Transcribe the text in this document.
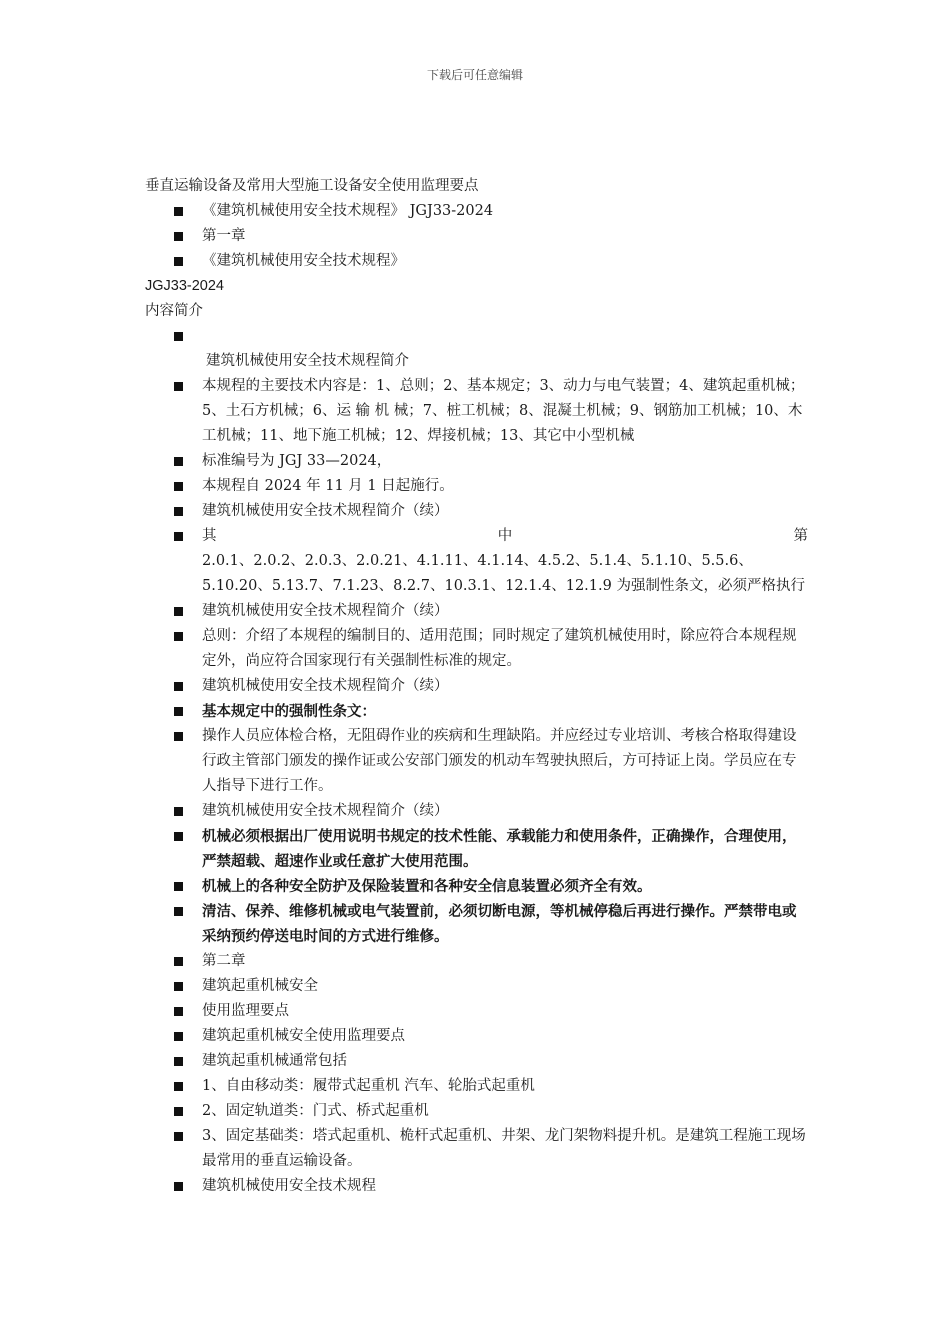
下载后可任意编辑

垂直运输设备及常用大型施工设备安全使用监理要点

《建筑机械使用安全技术规程》 JGJ33-2024
第一章
《建筑机械使用安全技术规程》

JGJ33-2024

内容简介

建筑机械使用安全技术规程简介
本规程的主要技术内容是：1、总则；2、基本规定；3、动力与电气装置；4、建筑起重机械；5、土石方机械；6、运 输 机 械；7、桩工机械；8、混凝土机械；9、钢筋加工机械；10、木工机械；11、地下施工机械；12、焊接机械；13、其它中小型机械
标准编号为 JGJ 33—2024，
本规程自 2024 年 11 月 1 日起施行。
建筑机械使用安全技术规程简介（续）
其	中	第
2.0.1、2.0.2、2.0.3、2.0.21、4.1.11、4.1.14、4.5.2、5.1.4、5.1.10、5.5.6、5.10.20、5.13.7、7.1.23、8.2.7、10.3.1、12.1.4、12.1.9 为强制性条文，必须严格执行
建筑机械使用安全技术规程简介（续）
总则：介绍了本规程的编制目的、适用范围；同时规定了建筑机械使用时，除应符合本规程规定外，尚应符合国家现行有关强制性标准的规定。
建筑机械使用安全技术规程简介（续）
基本规定中的强制性条文：
操作人员应体检合格，无阻碍作业的疾病和生理缺陷。并应经过专业培训、考核合格取得建设行政主管部门颁发的操作证或公安部门颁发的机动车驾驶执照后，方可持证上岗。学员应在专人指导下进行工作。
建筑机械使用安全技术规程简介（续）
机械必须根据出厂使用说明书规定的技术性能、承载能力和使用条件，正确操作，合理使用，严禁超载、超速作业或任意扩大使用范围。
机械上的各种安全防护及保险装置和各种安全信息装置必须齐全有效。
清洁、保养、维修机械或电气装置前，必须切断电源，等机械停稳后再进行操作。严禁带电或采纳预约停送电时间的方式进行维修。
第二章
建筑起重机械安全
使用监理要点
建筑起重机械安全使用监理要点
建筑起重机械通常包括
1、自由移动类：履带式起重机 汽车、轮胎式起重机
2、固定轨道类：门式、桥式起重机
3、固定基础类：塔式起重机、桅杆式起重机、井架、龙门架物料提升机。是建筑工程施工现场最常用的垂直运输设备。
建筑机械使用安全技术规程
